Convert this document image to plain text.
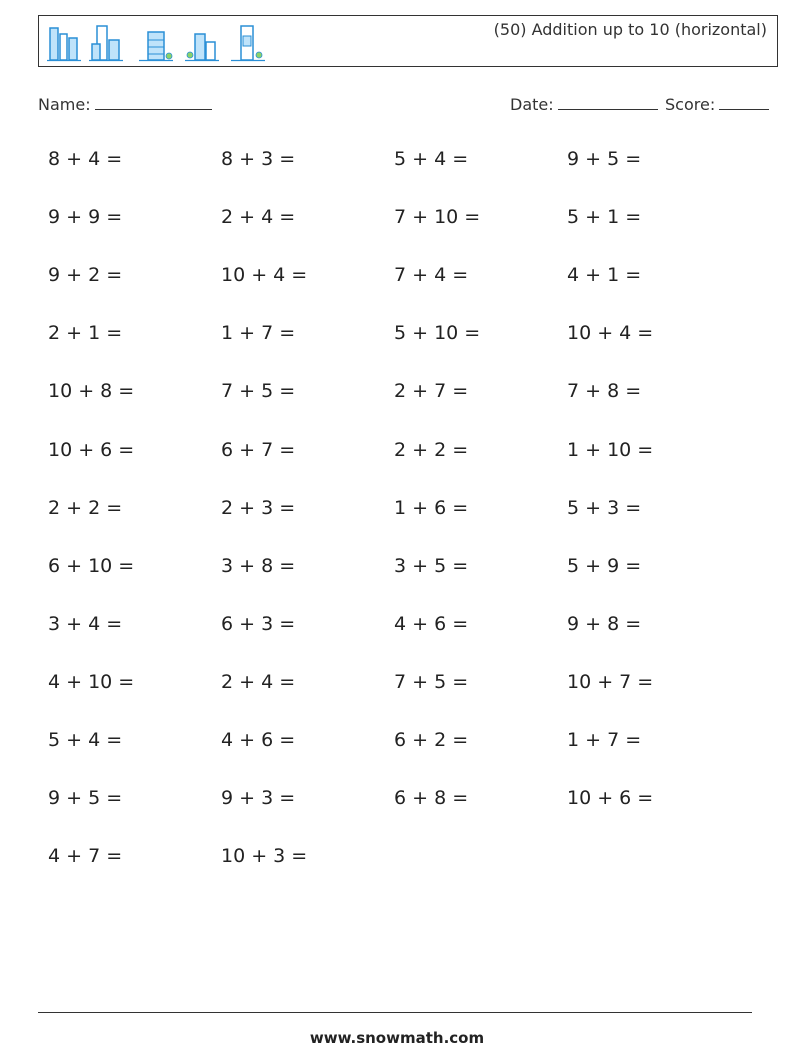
(50) Addition up to 10 (horizontal)
Name:	Date:	Score:
8 + 4 =	8 + 3 =	5 + 4 =	9 + 5 =
9 + 9 =	2 + 4 =	7 + 10 =	5 + 1 =
9 + 2 =	10 + 4 =	7 + 4 =	4 + 1 =
2 + 1 =	1 + 7 =	5 + 10 =	10 + 4 =
10 + 8 =	7 + 5 =	2 + 7 =	7 + 8 =
10 + 6 =	6 + 7 =	2 + 2 =	1 + 10 =
2 + 2 =	2 + 3 =	1 + 6 =	5 + 3 =
6 + 10 =	3 + 8 =	3 + 5 =	5 + 9 =
3 + 4 =	6 + 3 =	4 + 6 =	9 + 8 =
4 + 10 =	2 + 4 =	7 + 5 =	10 + 7 =
5 + 4 =	4 + 6 =	6 + 2 =	1 + 7 =
9 + 5 =	9 + 3 =	6 + 8 =	10 + 6 =
4 + 7 =	10 + 3 =
www.snowmath.com
